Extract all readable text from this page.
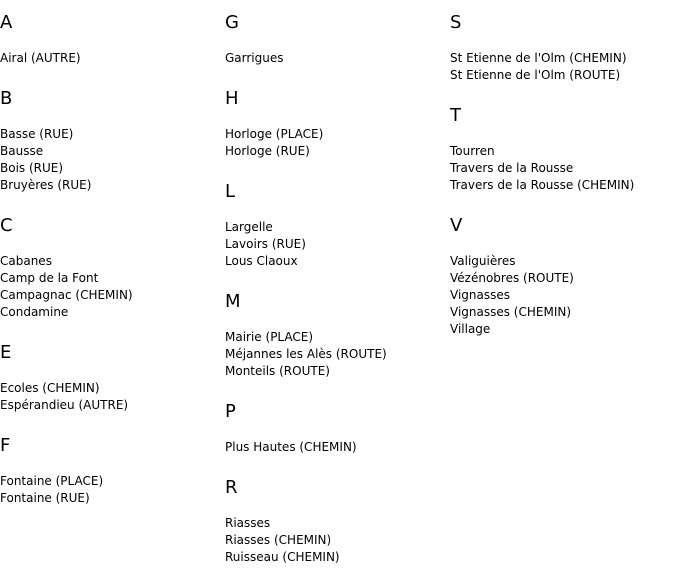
A
Airal (AUTRE)
B
Basse (RUE)
Bausse
Bois (RUE)
Bruyères (RUE)
C
Cabanes
Camp de la Font
Campagnac (CHEMIN)
Condamine
E
Ecoles (CHEMIN)
Espérandieu (AUTRE)
F
Fontaine (PLACE)
Fontaine (RUE)
G
Garrigues
H
Horloge (PLACE)
Horloge (RUE)
L
Largelle
Lavoirs (RUE)
Lous Claoux
M
Mairie (PLACE)
Méjannes les Alès (ROUTE)
Monteils (ROUTE)
P
Plus Hautes (CHEMIN)
R
Riasses
Riasses (CHEMIN)
Ruisseau (CHEMIN)
S
St Etienne de l'Olm (CHEMIN)
St Etienne de l'Olm (ROUTE)
T
Tourren
Travers de la Rousse
Travers de la Rousse (CHEMIN)
V
Valiguières
Vézénobres (ROUTE)
Vignasses
Vignasses (CHEMIN)
Village
